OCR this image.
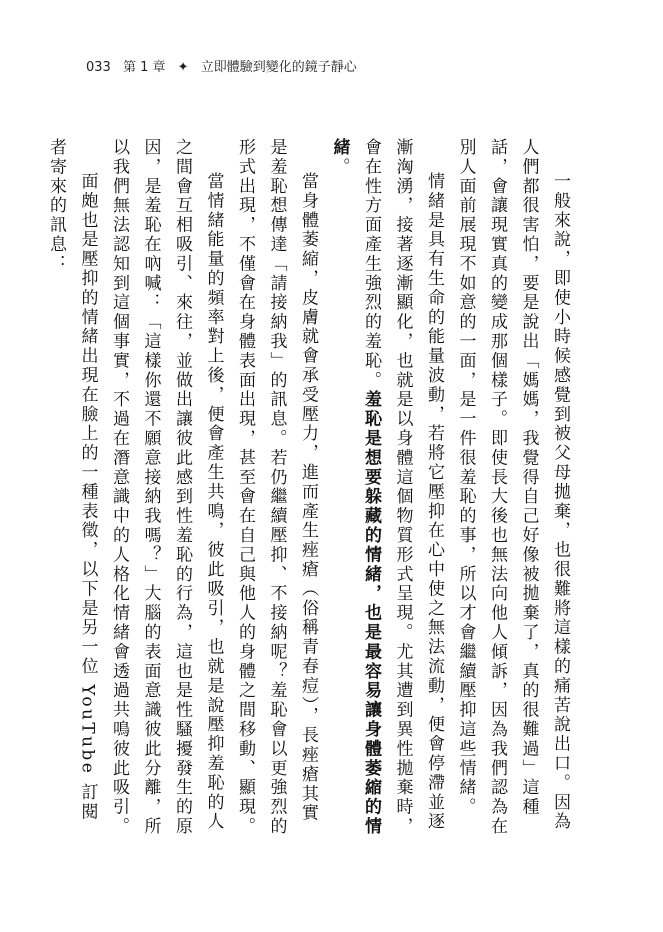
033 第 1 章 ✦ 立即體驗到變化的鏡子靜心

一般來說，即使小時候感覺到被父母拋棄，也很難將這樣的痛苦說出口。因為人們都很害怕，要是說出「媽媽，我覺得自己好像被拋棄了，真的很難過」這種話，會讓現實真的變成那個樣子。即使長大後也無法向他人傾訴，因為我們認為在別人面前展現不如意的一面，是一件很羞恥的事，所以才會繼續壓抑這些情緒。

情緒是具有生命的能量波動，若將它壓抑在心中使之無法流動，便會停滯並逐漸洶湧，接著逐漸顯化，也就是以身體這個物質形式呈現。尤其遭到異性拋棄時，會在性方面產生強烈的羞恥。羞恥是想要躲藏的情緒，也是最容易讓身體萎縮的情緒。

當身體萎縮，皮膚就會承受壓力，進而產生痤瘡（俗稱青春痘），長痤瘡其實是羞恥想傳達「請接納我」的訊息。若仍繼續壓抑、不接納呢？羞恥會以更強烈的形式出現，不僅會在身體表面出現，甚至會在自己與他人的身體之間移動、顯現。

當情緒能量的頻率對上後，便會產生共鳴，彼此吸引，也就是說壓抑羞恥的人之間會互相吸引、來往，並做出讓彼此感到性羞恥的行為，這也是性騷擾發生的原因，是羞恥在吶喊：「這樣你還不願意接納我嗎？」大腦的表面意識彼此分離，所以我們無法認知到這個事實，不過在潛意識中的人格化情緒會透過共鳴彼此吸引。

面皰也是壓抑的情緒出現在臉上的一種表徵，以下是另一位 YouTube 訂閱者寄來的訊息：
